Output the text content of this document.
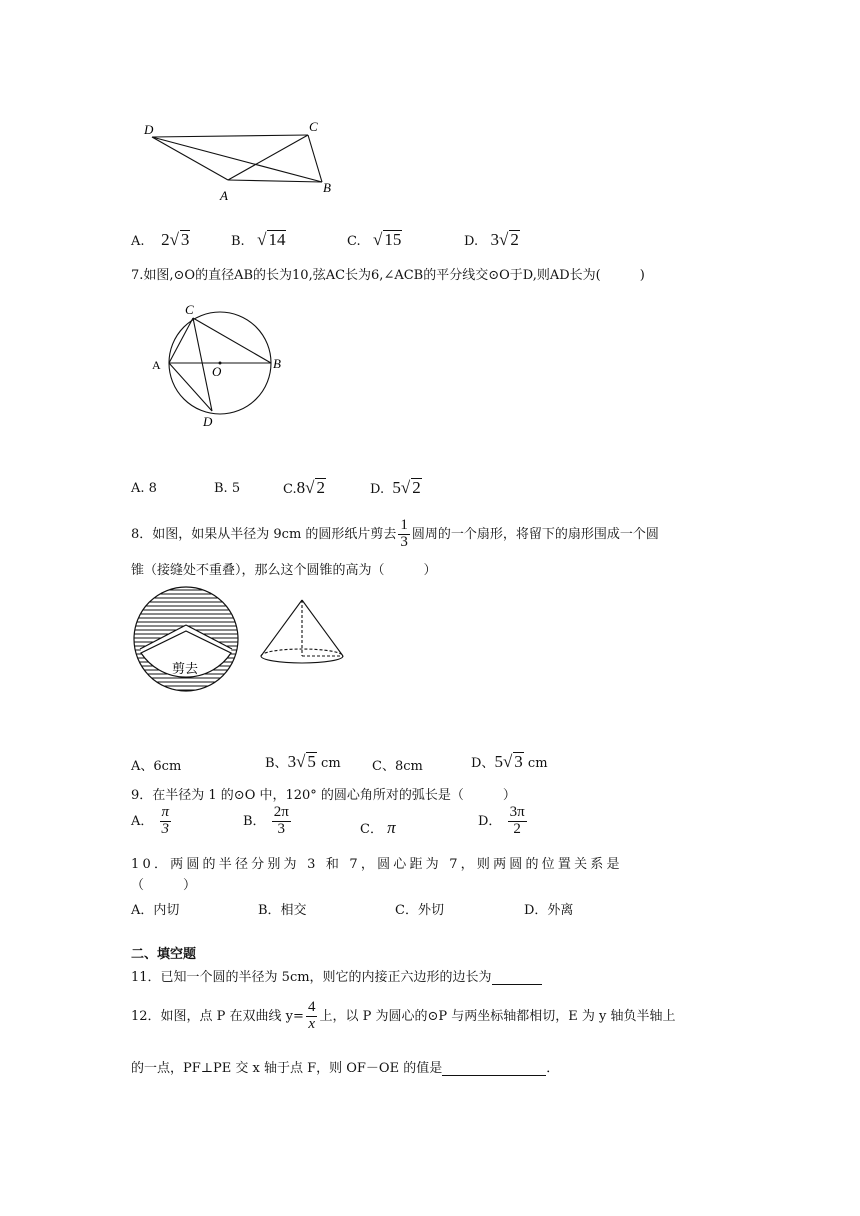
D	C
A
B
A. 2√ 3	B. √ 14	C. √ 15	D. 3√ 2
7.如图,⊙O的直径AB的长为10,弦AC长为6,∠ACB的平分线交⊙O于D,则AD长为(　　　)
C
A	O
B
D
A. 8	B. 5	C.8√ 2	D. 5√ 2
8．如图，如果从半径为 9cm 的圆形纸片剪去 $\frac{1}{3}$ 圆周的一个扇形，将留下的扇形围成一个圆
锥（接缝处不重叠），那么这个圆锥的高为（　　　）
剪去
A、6cm	B、3√ 5 cm C、8cm	D、5√ 3 cm
9．在半径为 1 的⊙O 中，120° 的圆心角所对的弧长是（　　　）
A． $\frac{\pi}{3}$	B． $\frac{2\pi}{3}$	C． π	D． $\frac{3\pi}{2}$
10．两圆的半径分别为 3 和 7，圆心距为 7，则两圆的位置关系是
（　　　）
A．内切	B．相交	C．外切	D．外离
二、填空题
11．已知一个圆的半径为 5cm，则它的内接正六边形的边长为
12．如图，点 P 在双曲线 $y= \frac{4}{x}$ 上，以 P 为圆心的⊙P 与两坐标轴都相切，E 为 y 轴负半轴上
的一点，PF⊥PE 交 x 轴于点 F，则 OF－OE 的值是	．
